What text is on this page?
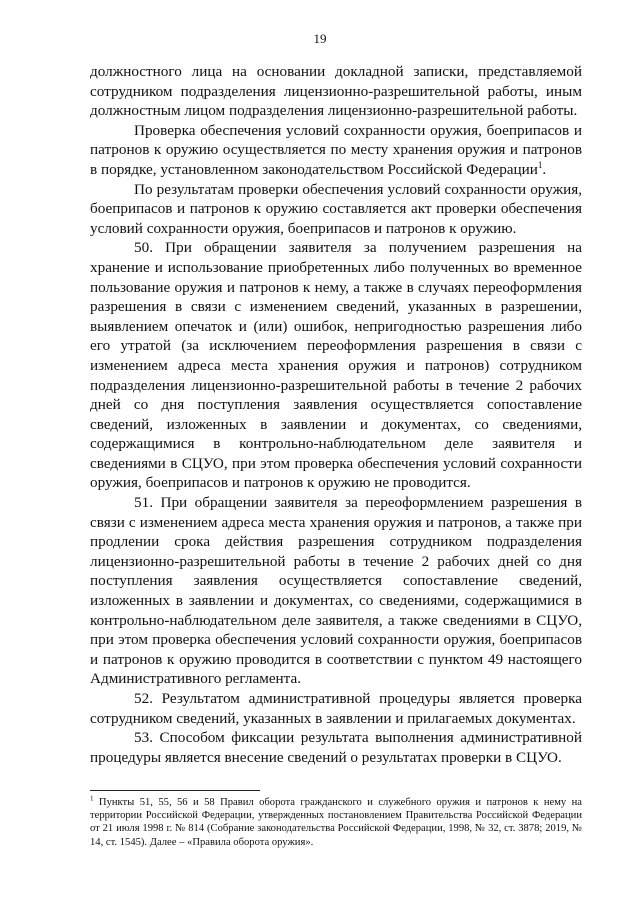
19

должностного лица на основании докладной записки, представляемой сотрудником подразделения лицензионно-разрешительной работы, иным должностным лицом подразделения лицензионно-разрешительной работы.

Проверка обеспечения условий сохранности оружия, боеприпасов и патронов к оружию осуществляется по месту хранения оружия и патронов в порядке, установленном законодательством Российской Федерации$^1$.

По результатам проверки обеспечения условий сохранности оружия, боеприпасов и патронов к оружию составляется акт проверки обеспечения условий сохранности оружия, боеприпасов и патронов к оружию.

50. При обращении заявителя за получением разрешения на хранение и использование приобретенных либо полученных во временное пользование оружия и патронов к нему, а также в случаях переоформления разрешения в связи с изменением сведений, указанных в разрешении, выявлением опечаток и (или) ошибок, непригодностью разрешения либо его утратой (за исключением переоформления разрешения в связи с изменением адреса места хранения оружия и патронов) сотрудником подразделения лицензионно-разрешительной работы в течение 2 рабочих дней со дня поступления заявления осуществляется сопоставление сведений, изложенных в заявлении и документах, со сведениями, содержащимися в контрольно-наблюдательном деле заявителя и сведениями в СЦУО, при этом проверка обеспечения условий сохранности оружия, боеприпасов и патронов к оружию не проводится.

51. При обращении заявителя за переоформлением разрешения в связи с изменением адреса места хранения оружия и патронов, а также при продлении срока действия разрешения сотрудником подразделения лицензионно-разрешительной работы в течение 2 рабочих дней со дня поступления заявления осуществляется сопоставление сведений, изложенных в заявлении и документах, со сведениями, содержащимися в контрольно-наблюдательном деле заявителя, а также сведениями в СЦУО, при этом проверка обеспечения условий сохранности оружия, боеприпасов и патронов к оружию проводится в соответствии с пунктом 49 настоящего Административного регламента.

52. Результатом административной процедуры является проверка сотрудником сведений, указанных в заявлении и прилагаемых документах.

53. Способом фиксации результата выполнения административной процедуры является внесение сведений о результатах проверки в СЦУО.

$^1$ Пункты 51, 55, 56 и 58 Правил оборота гражданского и служебного оружия и патронов к нему на территории Российской Федерации, утвержденных постановлением Правительства Российской Федерации от 21 июля 1998 г. № 814 (Собрание законодательства Российской Федерации, 1998, № 32, ст. 3878; 2019, № 14, ст. 1545). Далее – «Правила оборота оружия».
